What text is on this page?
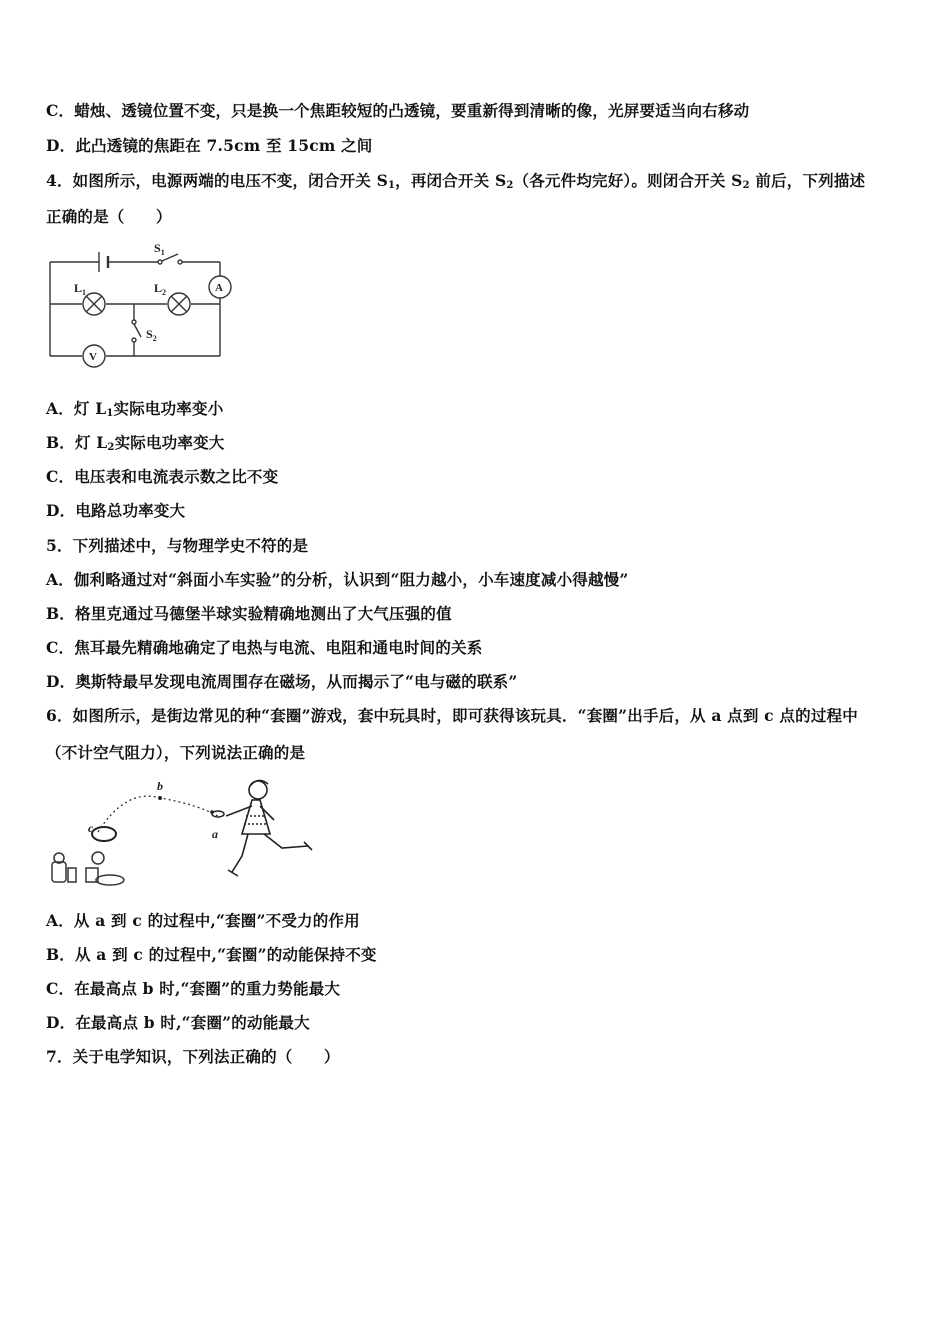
C．蜡烛、透镜位置不变，只是换一个焦距较短的凸透镜，要重新得到清晰的像，光屏要适当向右移动
D．此凸透镜的焦距在 7.5cm 至 15cm 之间
4．如图所示，电源两端的电压不变，闭合开关 $S_1$，再闭合开关 $S_2$（各元件均完好）。则闭合开关 $S_2$ 前后，下列描述
正确的是（　　）
$S_1$
$L_1$	$L_2$
$S_2$
A
V
A．灯 $L_1$实际电功率变小
B．灯 $L_2$实际电功率变大
C．电压表和电流表示数之比不变
D．电路总功率变大
5．下列描述中，与物理学史不符的是
A．伽利略通过对“斜面小车实验”的分析，认识到“阻力越小，小车速度减小得越慢”
B．格里克通过马德堡半球实验精确地测出了大气压强的值
C．焦耳最先精确地确定了电热与电流、电阻和通电时间的关系
D．奥斯特最早发现电流周围存在磁场，从而揭示了“电与磁的联系”
6．如图所示，是街边常见的种“套圈”游戏，套中玩具时，即可获得该玩具．“套圈”出手后，从 a 点到 c 点的过程中
（不计空气阻力），下列说法正确的是
b
a
c
A．从 a 到 c 的过程中,“套圈”不受力的作用
B．从 a 到 c 的过程中,“套圈”的动能保持不变
C．在最高点 b 时,“套圈”的重力势能最大
D．在最高点 b 时,“套圈”的动能最大
7．关于电学知识，下列法正确的（　　）
